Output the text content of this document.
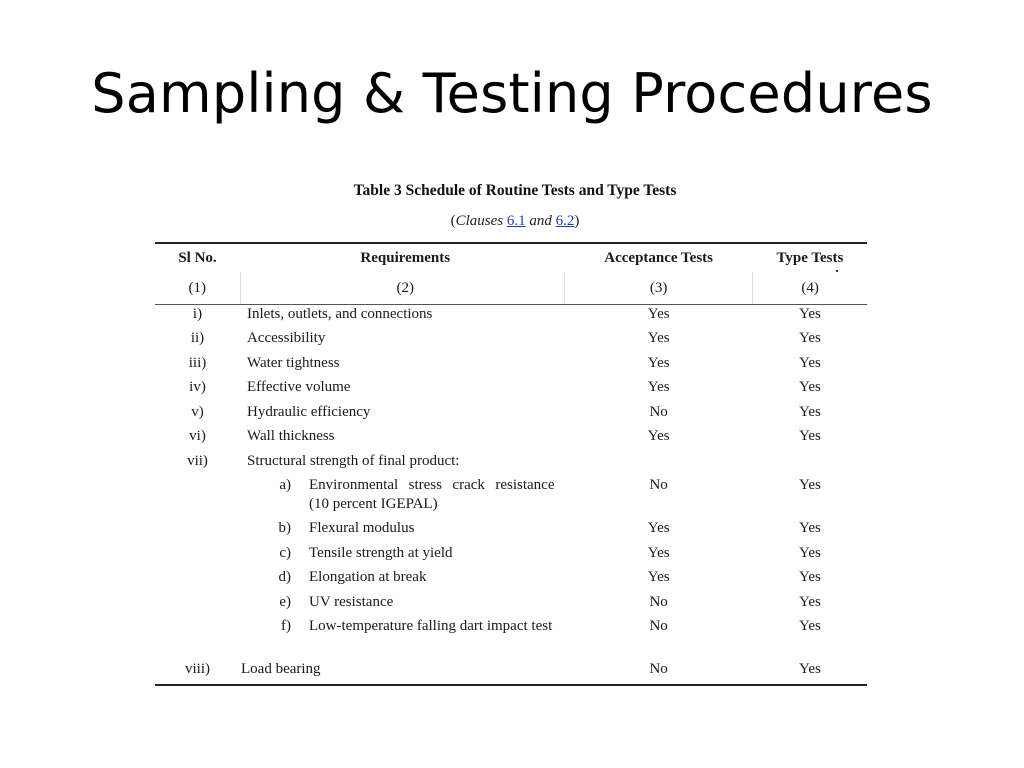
Sampling & Testing Procedures
Table 3 Schedule of Routine Tests and Type Tests
(Clauses 6.1 and 6.2)
Sl No.	Requirements	Acceptance Tests	Type Tests
(1)	(2)	(3)	(4)
i)	Inlets, outlets, and connections	Yes	Yes
ii)	Accessibility	Yes	Yes
iii)	Water tightness	Yes	Yes
iv)	Effective volume	Yes	Yes
v)	Hydraulic efficiency	No	Yes
vi)	Wall thickness	Yes	Yes
vii)	Structural strength of final product:		

	a) Environmental stress crack resistance (10 percent IGEPAL)	No	Yes

	b) Flexural modulus	Yes	Yes

	c) Tensile strength at yield	Yes	Yes

	d) Elongation at break	Yes	Yes

	e) UV resistance	No	Yes

	f) Low-temperature falling dart impact test	No	Yes
viii)	Load bearing	No	Yes
